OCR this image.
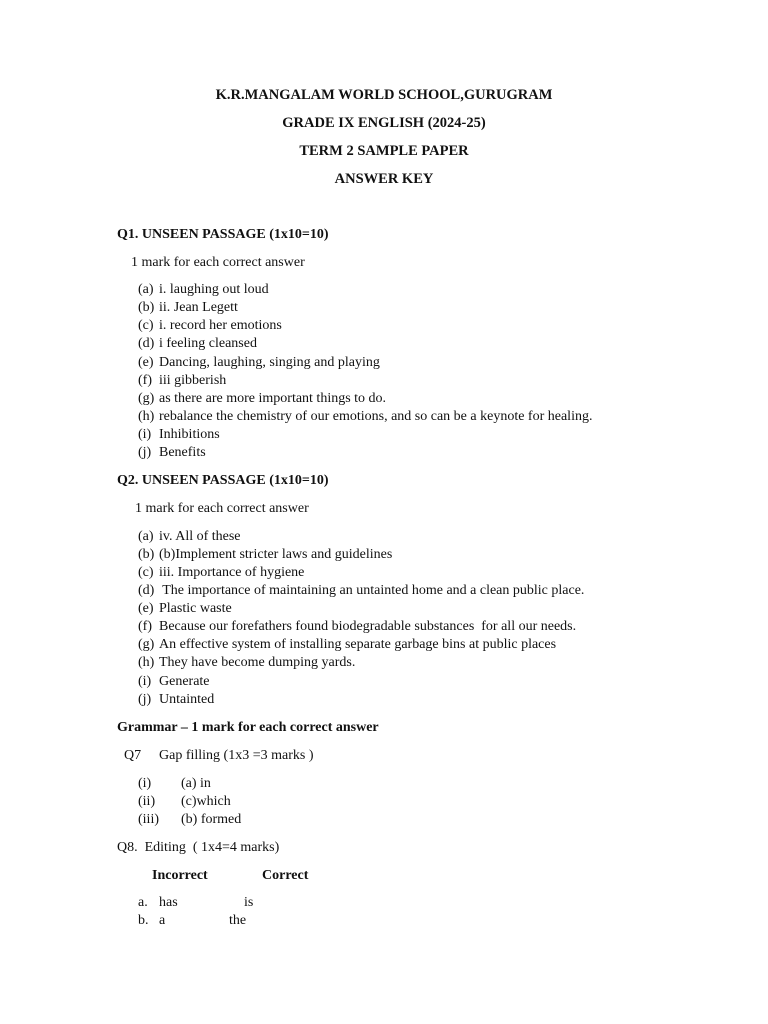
K.R.MANGALAM WORLD SCHOOL,GURUGRAM
GRADE IX ENGLISH (2024-25)
TERM 2 SAMPLE PAPER
ANSWER KEY
Q1. UNSEEN PASSAGE (1x10=10)
1 mark for each correct answer
(a) i. laughing out loud
(b) ii. Jean Legett
(c) i. record her emotions
(d) i feeling cleansed
(e) Dancing, laughing, singing and playing
(f) iii gibberish
(g) as there are more important things to do.
(h) rebalance the chemistry of our emotions, and so can be a keynote for healing.
(i) Inhibitions
(j) Benefits
Q2. UNSEEN PASSAGE (1x10=10)
1 mark for each correct answer
(a) iv. All of these
(b) (b)Implement stricter laws and guidelines
(c) iii. Importance of hygiene
(d) The importance of maintaining an untainted home and a clean public place.
(e) Plastic waste
(f) Because our forefathers found biodegradable substances  for all our needs.
(g) An effective system of installing separate garbage bins at public places
(h) They have become dumping yards.
(i) Generate
(j) Untainted
Grammar – 1 mark for each correct answer
Q7 Gap filling (1x3 =3 marks )
(i) (a) in
(ii) (c)which
(iii) (b) formed
Q8.  Editing  ( 1x4=4 marks)
Incorrect	Correct
a. has	is
b. a	the
